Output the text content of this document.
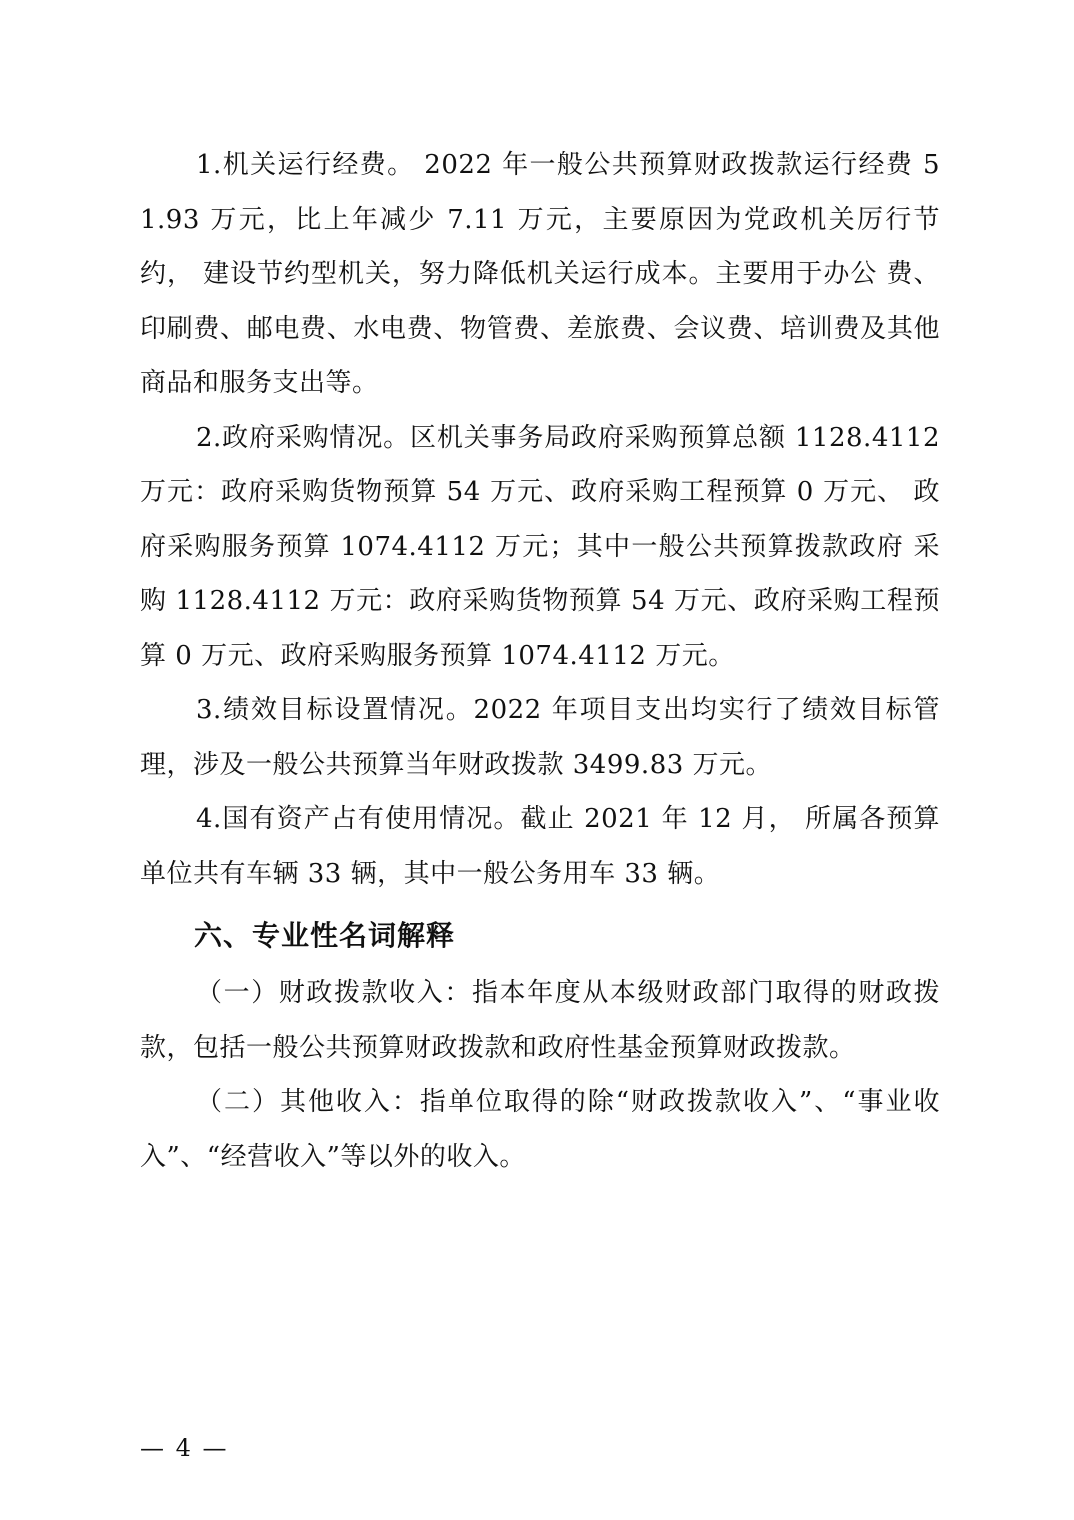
1.机关运行经费。 2022 年一般公共预算财政拨款运行经费 51.93 万元，比上年减少 7.11 万元，主要原因为党政机关厉行节约， 建设节约型机关，努力降低机关运行成本。主要用于办公 费、印刷费、邮电费、水电费、物管费、差旅费、会议费、培训费及其他商品和服务支出等。

2.政府采购情况。区机关事务局政府采购预算总额 1128.4112 万元：政府采购货物预算 54 万元、政府采购工程预算 0 万元、 政府采购服务预算 1074.4112 万元；其中一般公共预算拨款政府 采购 1128.4112 万元：政府采购货物预算 54 万元、政府采购工程预算 0 万元、政府采购服务预算 1074.4112 万元。

3.绩效目标设置情况。2022 年项目支出均实行了绩效目标管理，涉及一般公共预算当年财政拨款 3499.83 万元。

4.国有资产占有使用情况。截止 2021 年 12 月， 所属各预算单位共有车辆 33 辆，其中一般公务用车 33 辆。

六、专业性名词解释

（一）财政拨款收入：指本年度从本级财政部门取得的财政拨款，包括一般公共预算财政拨款和政府性基金预算财政拨款。

（二）其他收入：指单位取得的除“财政拨款收入”、“事业收入”、“经营收入”等以外的收入。

— 4 —
